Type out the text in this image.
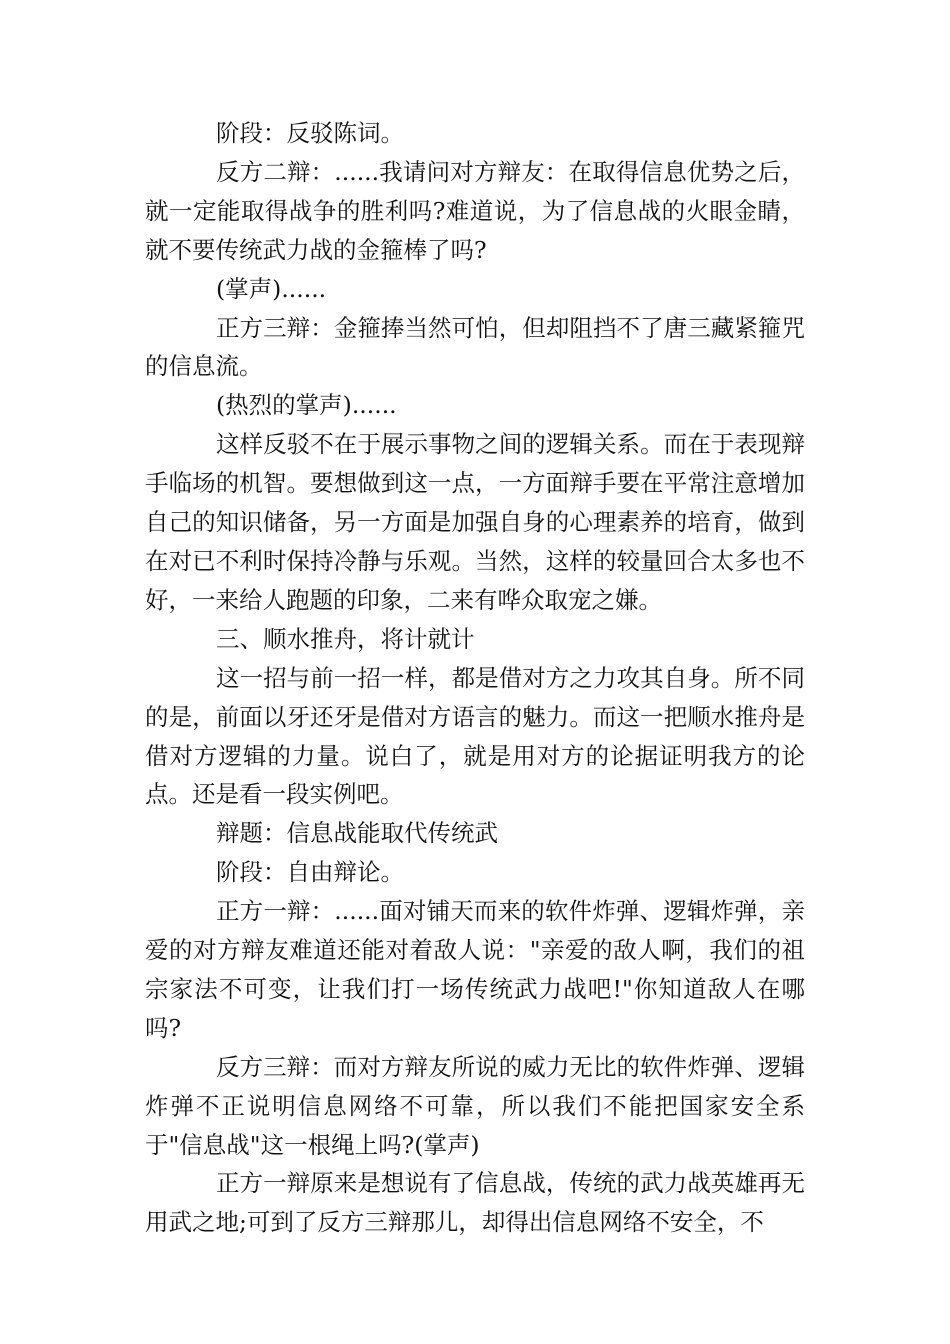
阶段：反驳陈词。

反方二辩：......我请问对方辩友：在取得信息优势之后，就一定能取得战争的胜利吗?难道说，为了信息战的火眼金睛，就不要传统武力战的金箍棒了吗?

(掌声)......

正方三辩：金箍捧当然可怕，但却阻挡不了唐三藏紧箍咒的信息流。

(热烈的掌声)......

这样反驳不在于展示事物之间的逻辑关系。而在于表现辩手临场的机智。要想做到这一点，一方面辩手要在平常注意增加自己的知识储备，另一方面是加强自身的心理素养的培育，做到在对已不利时保持冷静与乐观。当然，这样的较量回合太多也不好，一来给人跑题的印象，二来有哗众取宠之嫌。

三、顺水推舟，将计就计

这一招与前一招一样，都是借对方之力攻其自身。所不同的是，前面以牙还牙是借对方语言的魅力。而这一把顺水推舟是借对方逻辑的力量。说白了，就是用对方的论据证明我方的论点。还是看一段实例吧。

辩题：信息战能取代传统武

阶段：自由辩论。

正方一辩：......面对铺天而来的软件炸弹、逻辑炸弹，亲爱的对方辩友难道还能对着敌人说："亲爱的敌人啊，我们的祖宗家法不可变，让我们打一场传统武力战吧!"你知道敌人在哪吗?

反方三辩：而对方辩友所说的威力无比的软件炸弹、逻辑炸弹不正说明信息网络不可靠，所以我们不能把国家安全系于"信息战"这一根绳上吗?(掌声)

正方一辩原来是想说有了信息战，传统的武力战英雄再无用武之地;可到了反方三辩那儿，却得出信息网络不安全，不
